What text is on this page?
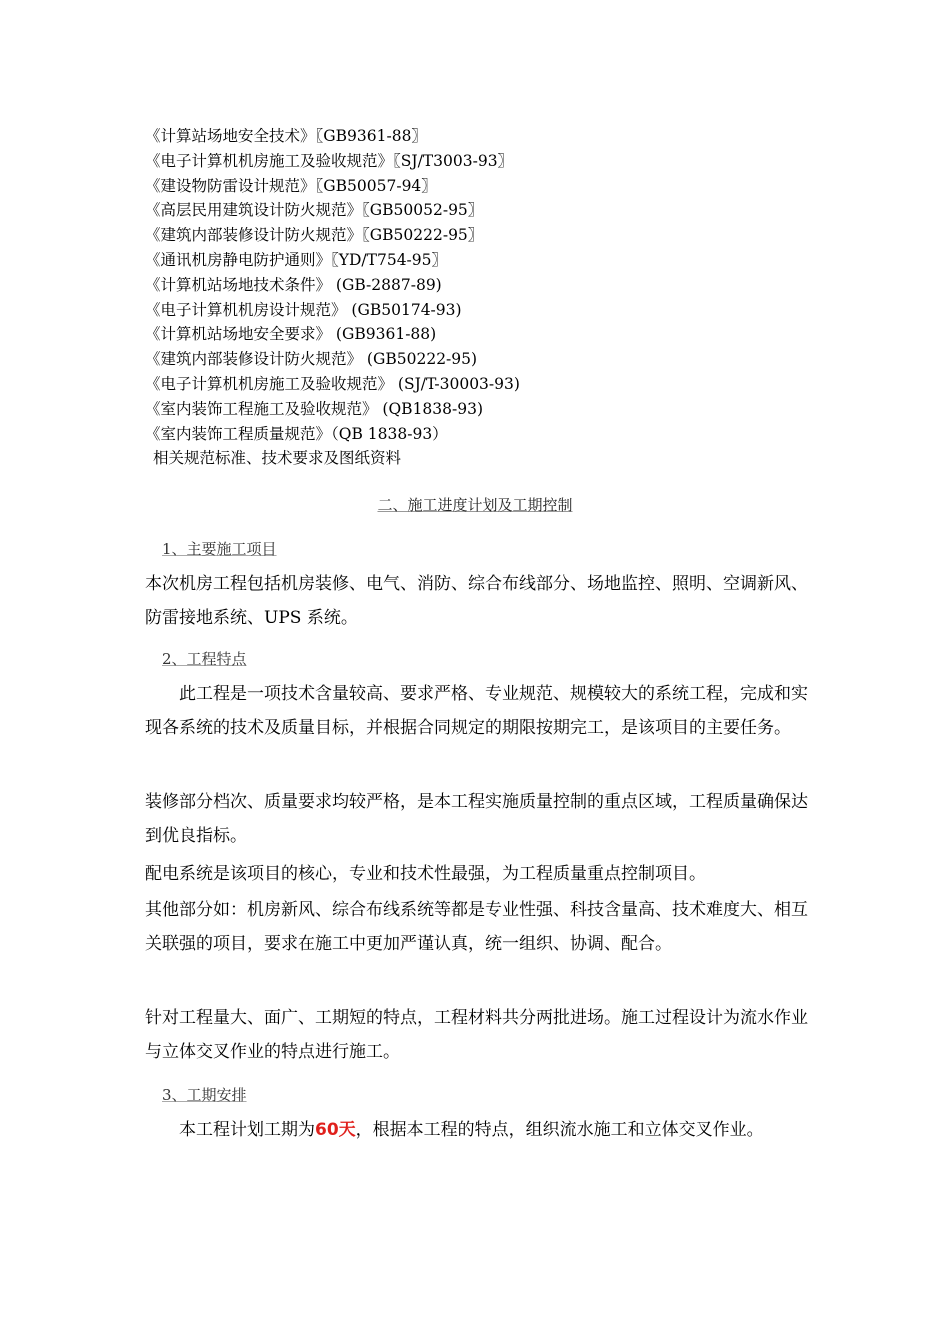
《计算站场地安全技术》〖GB9361-88〗
《电子计算机机房施工及验收规范》〖SJ/T3003-93〗
《建设物防雷设计规范》〖GB50057-94〗
《高层民用建筑设计防火规范》〖GB50052-95〗
《建筑内部装修设计防火规范》〖GB50222-95〗
《通讯机房静电防护通则》〖YD/T754-95〗
《计算机站场地技术条件》 (GB-2887-89)
《电子计算机机房设计规范》 (GB50174-93)
《计算机站场地安全要求》 (GB9361-88)
《建筑内部装修设计防火规范》 (GB50222-95)
《电子计算机机房施工及验收规范》 (SJ/T-30003-93)
《室内装饰工程施工及验收规范》 (QB1838-93)
《室内装饰工程质量规范》（QB 1838-93）
相关规范标准、技术要求及图纸资料
二、施工进度计划及工期控制
1、主要施工项目
本次机房工程包括机房装修、电气、消防、综合布线部分、场地监控、照明、空调新风、防雷接地系统、UPS 系统。
2、工程特点
此工程是一项技术含量较高、要求严格、专业规范、规模较大的系统工程，完成和实现各系统的技术及质量目标，并根据合同规定的期限按期完工，是该项目的主要任务。
装修部分档次、质量要求均较严格，是本工程实施质量控制的重点区域，工程质量确保达到优良指标。
配电系统是该项目的核心，专业和技术性最强，为工程质量重点控制项目。
其他部分如：机房新风、综合布线系统等都是专业性强、科技含量高、技术难度大、相互关联强的项目，要求在施工中更加严谨认真，统一组织、协调、配合。
针对工程量大、面广、工期短的特点，工程材料共分两批进场。施工过程设计为流水作业与立体交叉作业的特点进行施工。
3、工期安排
本工程计划工期为60天，根据本工程的特点，组织流水施工和立体交叉作业。
